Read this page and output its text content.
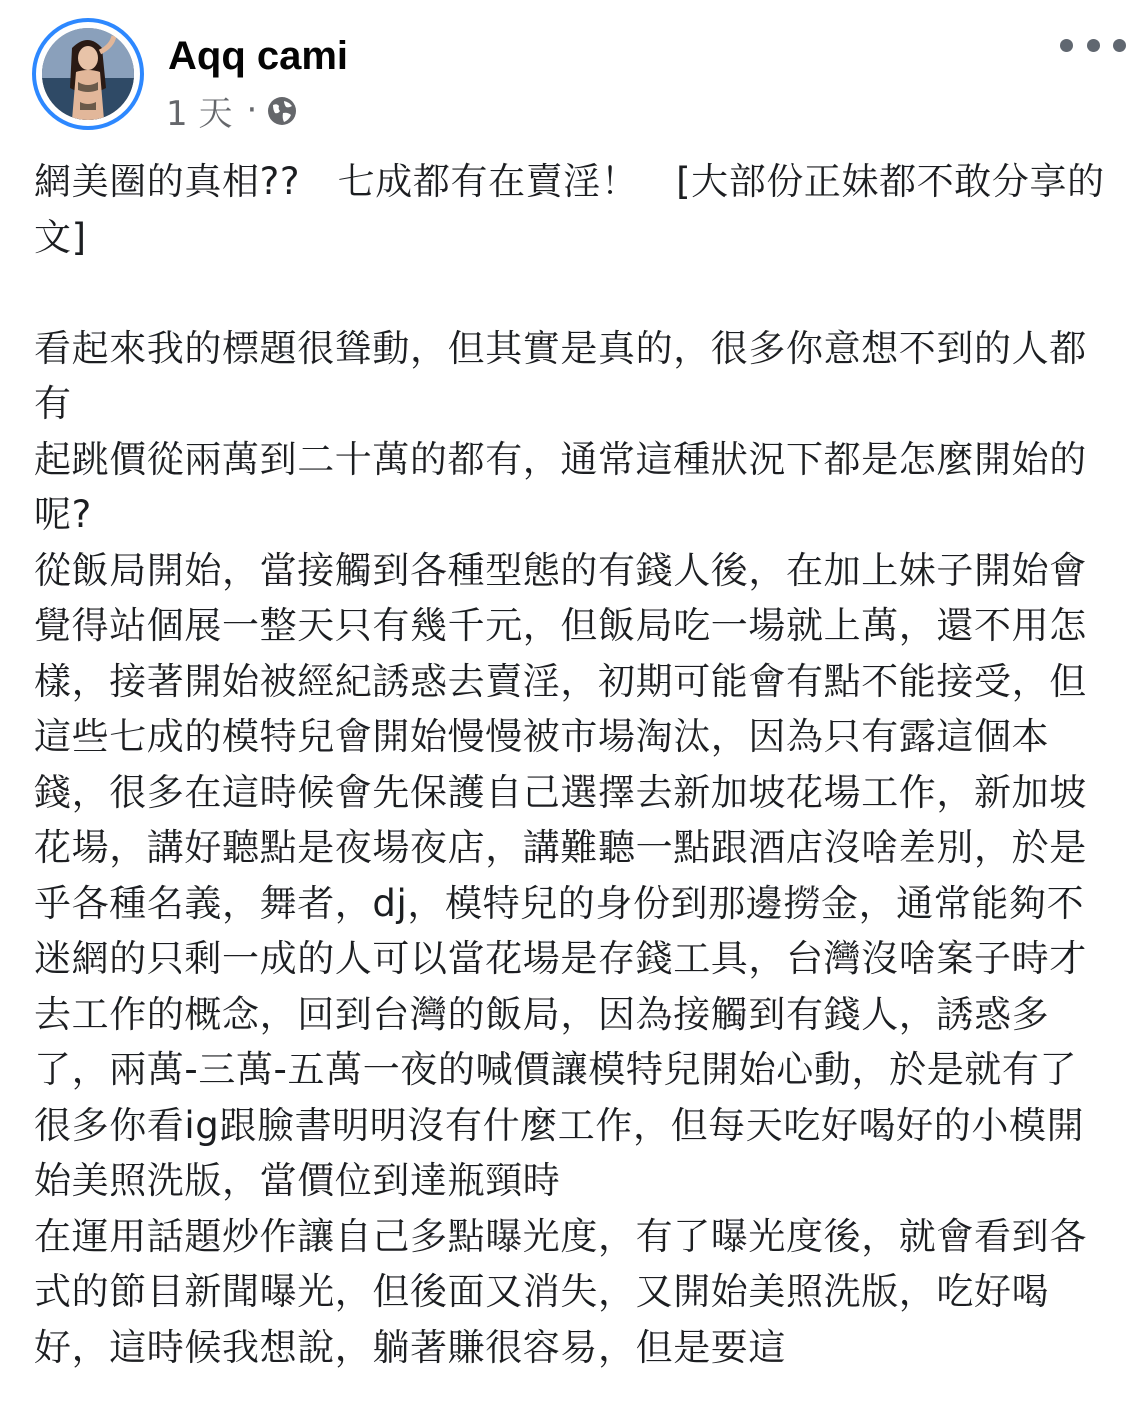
Aqq cami
1 天 ·

網美圈的真相??　七成都有在賣淫！　[大部份正妹都不敢分享的文]

看起來我的標題很聳動，但其實是真的，很多你意想不到的人都有

起跳價從兩萬到二十萬的都有，通常這種狀況下都是怎麼開始的呢?

從飯局開始，當接觸到各種型態的有錢人後，在加上妹子開始會覺得站個展一整天只有幾千元，但飯局吃一場就上萬，還不用怎樣，接著開始被經紀誘惑去賣淫，初期可能會有點不能接受，但這些七成的模特兒會開始慢慢被市場淘汰，因為只有露這個本錢，很多在這時候會先保護自己選擇去新加坡花場工作，新加坡花場，講好聽點是夜場夜店，講難聽一點跟酒店沒啥差別，於是乎各種名義，舞者，dj，模特兒的身份到那邊撈金，通常能夠不迷網的只剩一成的人可以當花場是存錢工具，台灣沒啥案子時才去工作的概念，回到台灣的飯局，因為接觸到有錢人，誘惑多了，兩萬-三萬-五萬一夜的喊價讓模特兒開始心動，於是就有了很多你看ig跟臉書明明沒有什麼工作，但每天吃好喝好的小模開始美照洗版，當價位到達瓶頸時

在運用話題炒作讓自己多點曝光度，有了曝光度後，就會看到各式的節目新聞曝光，但後面又消失，又開始美照洗版，吃好喝好，這時候我想說，躺著賺很容易，但是要這
